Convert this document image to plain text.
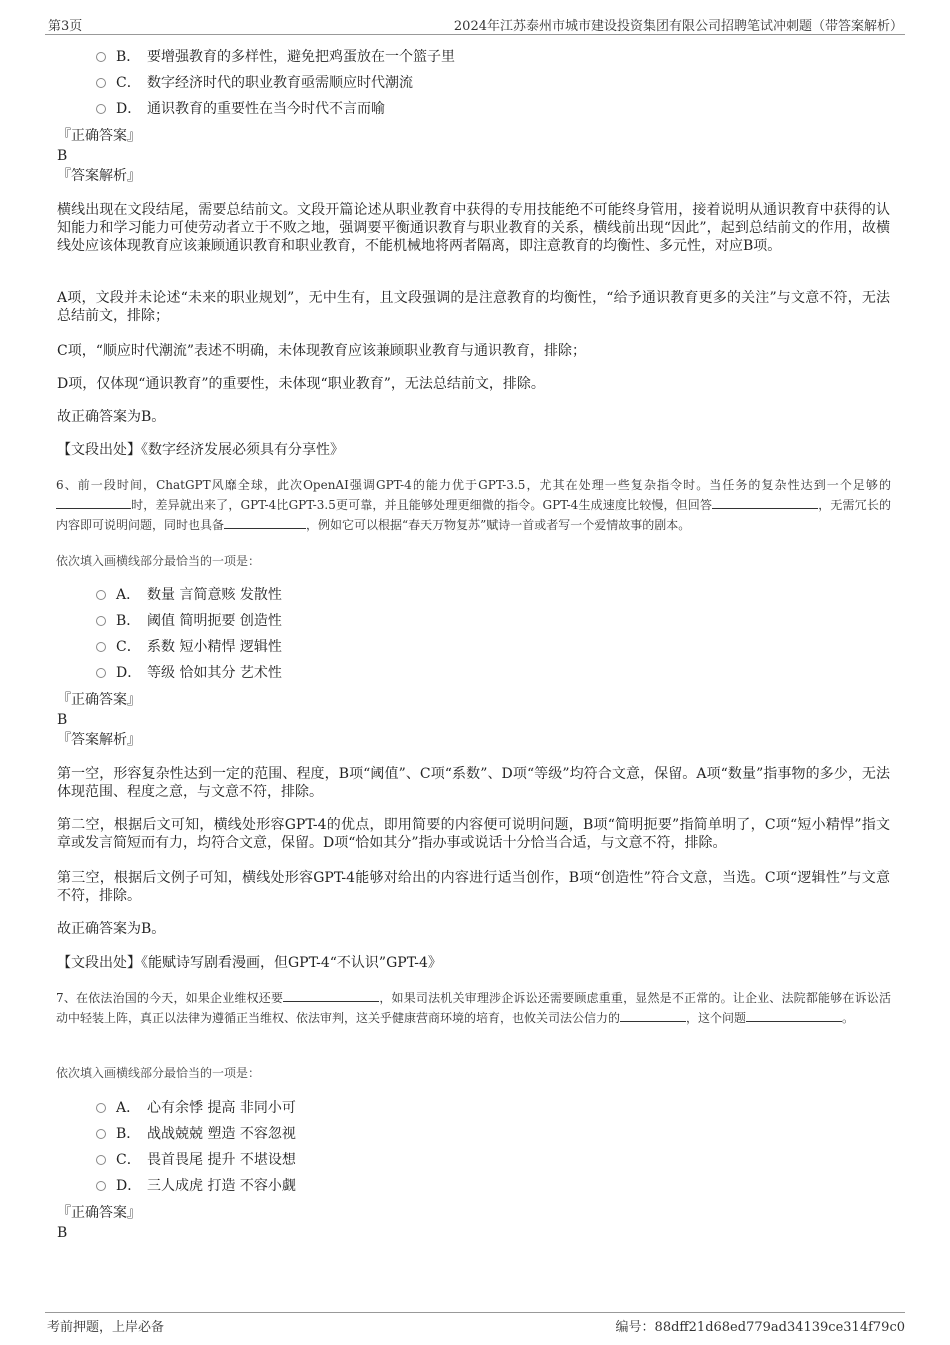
第3页	2024年江苏泰州市城市建设投资集团有限公司招聘笔试冲刺题（带答案解析）
B． 要增强教育的多样性，避免把鸡蛋放在一个篮子里
C． 数字经济时代的职业教育亟需顺应时代潮流
D． 通识教育的重要性在当今时代不言而喻
『正确答案』
B
『答案解析』
横线出现在文段结尾，需要总结前文。文段开篇论述从职业教育中获得的专用技能绝不可能终身管用，接着说明从通识教育中获得的认知能力和学习能力可使劳动者立于不败之地，强调要平衡通识教育与职业教育的关系，横线前出现“因此”，起到总结前文的作用，故横线处应该体现教育应该兼顾通识教育和职业教育，不能机械地将两者隔离，即注意教育的均衡性、多元性，对应B项。
A项，文段并未论述“未来的职业规划”，无中生有，且文段强调的是注意教育的均衡性，“给予通识教育更多的关注”与文意不符，无法总结前文，排除；
C项，“顺应时代潮流”表述不明确，未体现教育应该兼顾职业教育与通识教育，排除；
D项，仅体现“通识教育”的重要性，未体现“职业教育”，无法总结前文，排除。
故正确答案为B。
【文段出处】《数字经济发展必须具有分享性》
6、前一段时间，ChatGPT风靡全球，此次OpenAI强调GPT-4的能力优于GPT-3.5，尤其在处理一些复杂指令时。当任务的复杂性达到一个足够的时，差异就出来了，GPT-4比GPT-3.5更可靠，并且能够处理更细微的指令。GPT-4生成速度比较慢，但回答	，无需冗长的内容即可说明问题，同时也具备	，例如它可以根据“春天万物复苏”赋诗一首或者写一个爱情故事的剧本。
依次填入画横线部分最恰当的一项是：
A． 数量 言简意赅 发散性
B． 阈值 简明扼要 创造性
C． 系数 短小精悍 逻辑性
D． 等级 恰如其分 艺术性
『正确答案』
B
『答案解析』
第一空，形容复杂性达到一定的范围、程度，B项“阈值”、C项“系数”、D项“等级”均符合文意，保留。A项“数量”指事物的多少，无法体现范围、程度之意，与文意不符，排除。
第二空，根据后文可知，横线处形容GPT-4的优点，即用简要的内容便可说明问题，B项“简明扼要”指简单明了，C项“短小精悍”指文章或发言简短而有力，均符合文意，保留。D项“恰如其分”指办事或说话十分恰当合适，与文意不符，排除。
第三空，根据后文例子可知，横线处形容GPT-4能够对给出的内容进行适当创作，B项“创造性”符合文意，当选。C项“逻辑性”与文意不符，排除。
故正确答案为B。
【文段出处】《能赋诗写剧看漫画，但GPT-4“不认识”GPT-4》
7、在依法治国的今天，如果企业维权还要	，如果司法机关审理涉企诉讼还需要顾虑重重，显然是不正常的。让企业、法院都能够在诉讼活动中轻装上阵，真正以法律为遵循正当维权、依法审判，这关乎健康营商环境的培育，也攸关司法公信力的	，这个问题	。
依次填入画横线部分最恰当的一项是：
A． 心有余悸 提高 非同小可
B． 战战兢兢 塑造 不容忽视
C． 畏首畏尾 提升 不堪设想
D． 三人成虎 打造 不容小觑
『正确答案』
B
考前押题，上岸必备	编号：88dff21d68ed779ad34139ce314f79c0
